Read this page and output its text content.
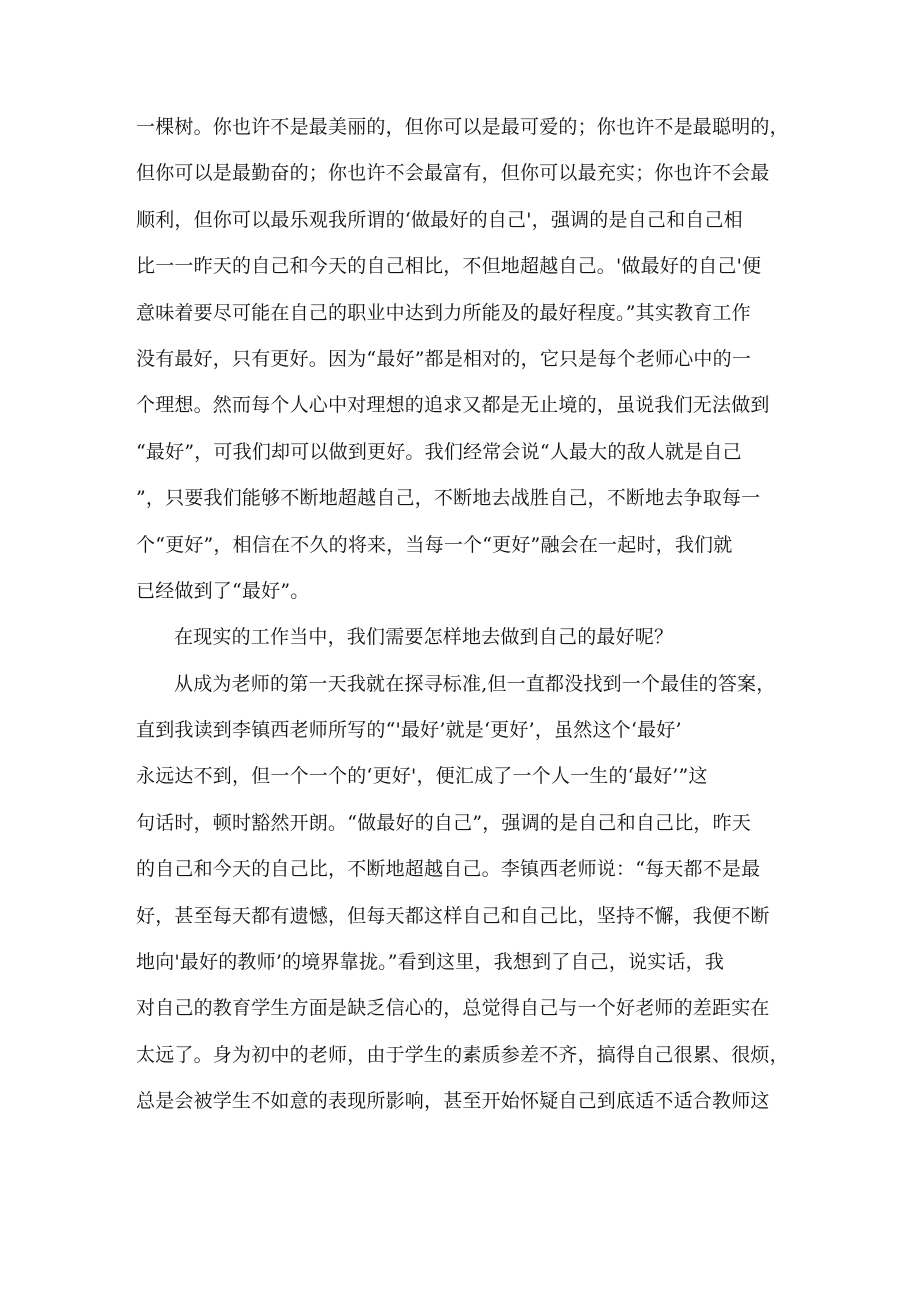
一棵树。你也许不是最美丽的，但你可以是最可爱的；你也许不是最聪明的，
但你可以是最勤奋的；你也许不会最富有，但你可以最充实；你也许不会最
顺利，但你可以最乐观我所谓的‘做最好的自己'，强调的是自己和自己相
比一一昨天的自己和今天的自己相比，不但地超越自己。'做最好的自己'便
意味着要尽可能在自己的职业中达到力所能及的最好程度。”其实教育工作
没有最好，只有更好。因为“最好”都是相对的，它只是每个老师心中的一
个理想。然而每个人心中对理想的追求又都是无止境的，虽说我们无法做到
“最好”，可我们却可以做到更好。我们经常会说“人最大的敌人就是自己
”，只要我们能够不断地超越自己，不断地去战胜自己，不断地去争取每一
个“更好”，相信在不久的将来，当每一个“更好”融会在一起时，我们就
已经做到了“最好”。
在现实的工作当中，我们需要怎样地去做到自己的最好呢？
从成为老师的第一天我就在探寻标准,但一直都没找到一个最佳的答案，
直到我读到李镇西老师所写的“'最好’就是‘更好’，虽然这个‘最好’
永远达不到，但一个一个的‘更好'，便汇成了一个人一生的‘最好’”这
句话时，顿时豁然开朗。“做最好的自己”，强调的是自己和自己比，昨天
的自己和今天的自己比，不断地超越自己。李镇西老师说：“每天都不是最
好，甚至每天都有遗憾，但每天都这样自己和自己比，坚持不懈，我便不断
地向'最好的教师’的境界靠拢。”看到这里，我想到了自己，说实话，我
对自己的教育学生方面是缺乏信心的，总觉得自己与一个好老师的差距实在
太远了。身为初中的老师，由于学生的素质参差不齐，搞得自己很累、很烦，
总是会被学生不如意的表现所影响，甚至开始怀疑自己到底适不适合教师这
